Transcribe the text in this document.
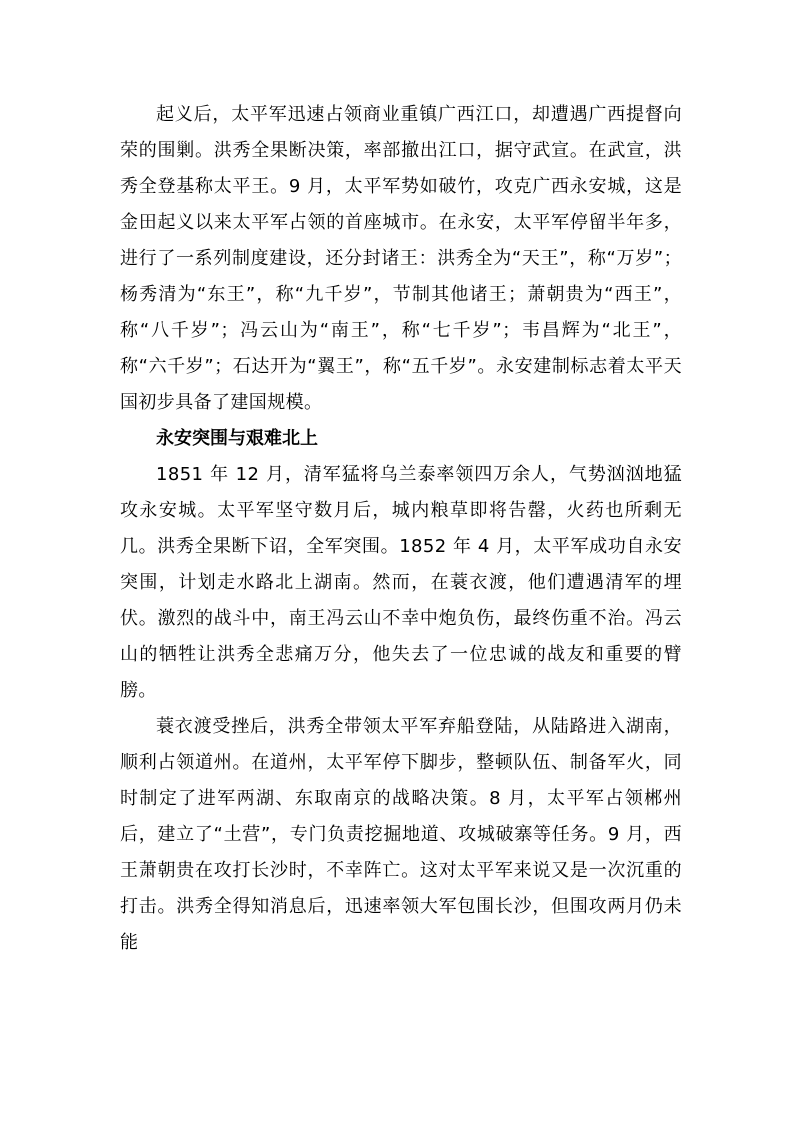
起义后，太平军迅速占领商业重镇广西江口，却遭遇广西提督向荣的围剿。洪秀全果断决策，率部撤出江口，据守武宣。在武宣，洪秀全登基称太平王。9 月，太平军势如破竹，攻克广西永安城，这是金田起义以来太平军占领的首座城市。在永安，太平军停留半年多，进行了一系列制度建设，还分封诸王：洪秀全为“天王”，称“万岁”；杨秀清为“东王”，称“九千岁”，节制其他诸王；萧朝贵为“西王”，称“八千岁”；冯云山为“南王”，称“七千岁”；韦昌辉为“北王”，称“六千岁”；石达开为“翼王”，称“五千岁”。永安建制标志着太平天国初步具备了建国规模。

永安突围与艰难北上

1851 年 12 月，清军猛将乌兰泰率领四万余人，气势汹汹地猛攻永安城。太平军坚守数月后，城内粮草即将告罄，火药也所剩无几。洪秀全果断下诏，全军突围。1852 年 4 月，太平军成功自永安突围，计划走水路北上湖南。然而，在蓑衣渡，他们遭遇清军的埋伏。激烈的战斗中，南王冯云山不幸中炮负伤，最终伤重不治。冯云山的牺牲让洪秀全悲痛万分，他失去了一位忠诚的战友和重要的臂膀。

蓑衣渡受挫后，洪秀全带领太平军弃船登陆，从陆路进入湖南，顺利占领道州。在道州，太平军停下脚步，整顿队伍、制备军火，同时制定了进军两湖、东取南京的战略决策。8 月，太平军占领郴州后，建立了“土营”，专门负责挖掘地道、攻城破寨等任务。9 月，西王萧朝贵在攻打长沙时，不幸阵亡。这对太平军来说又是一次沉重的打击。洪秀全得知消息后，迅速率领大军包围长沙，但围攻两月仍未能
